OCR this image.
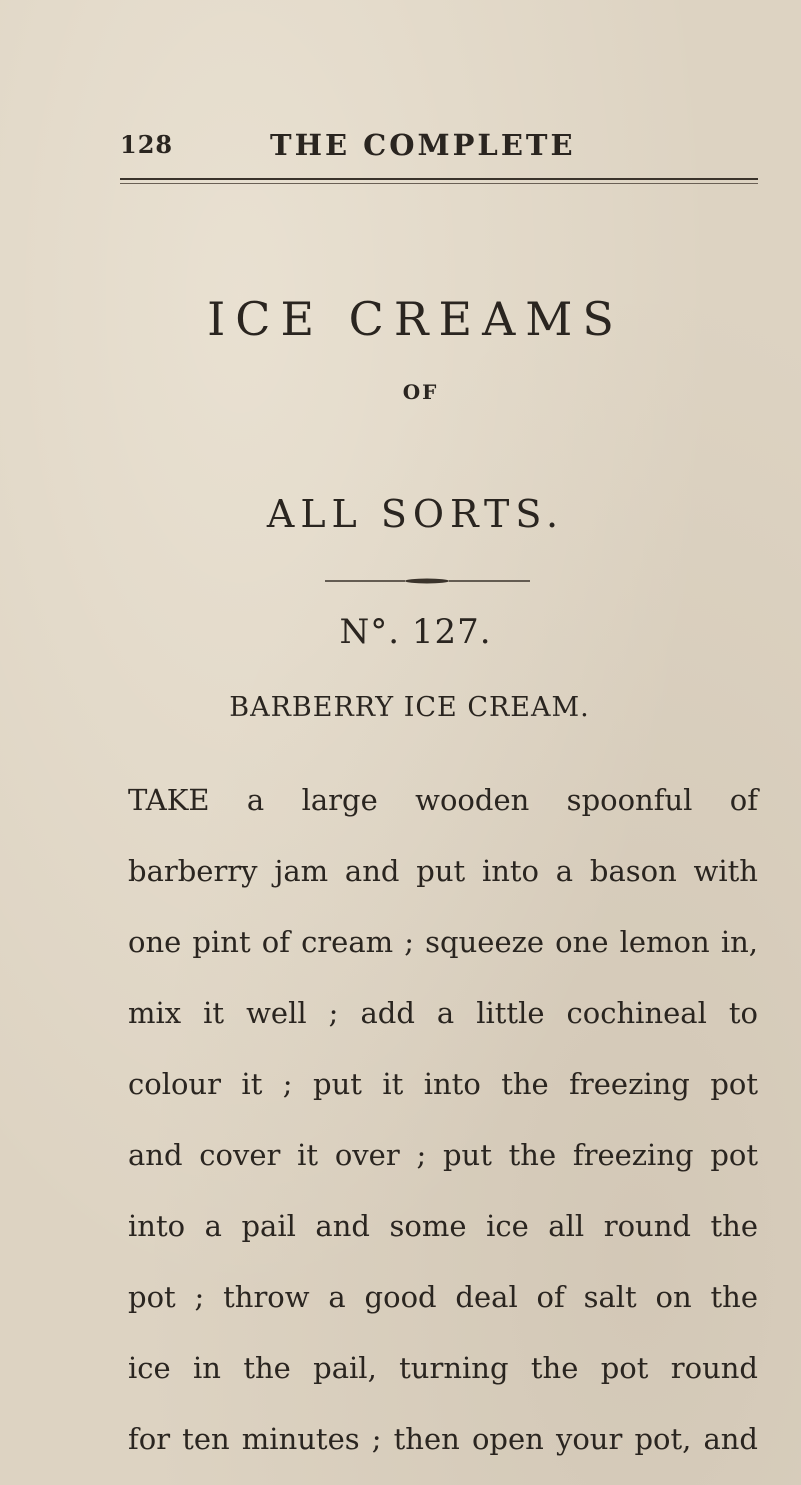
128	THE COMPLETE
ICE CREAMS
OF
ALL SORTS.
N°. 127.
BARBERRY ICE CREAM.
TAKE a large wooden spoonful of
barberry jam and put into a bason with
one pint of cream ; squeeze one lemon in,
mix it well ; add a little cochineal to
colour it ; put it into the freezing pot
and cover it over ; put the freezing pot
into a pail and some ice all round the
pot ; throw a good deal of salt on the
ice in the pail, turning the pot round
for ten minutes ; then open your pot, and
